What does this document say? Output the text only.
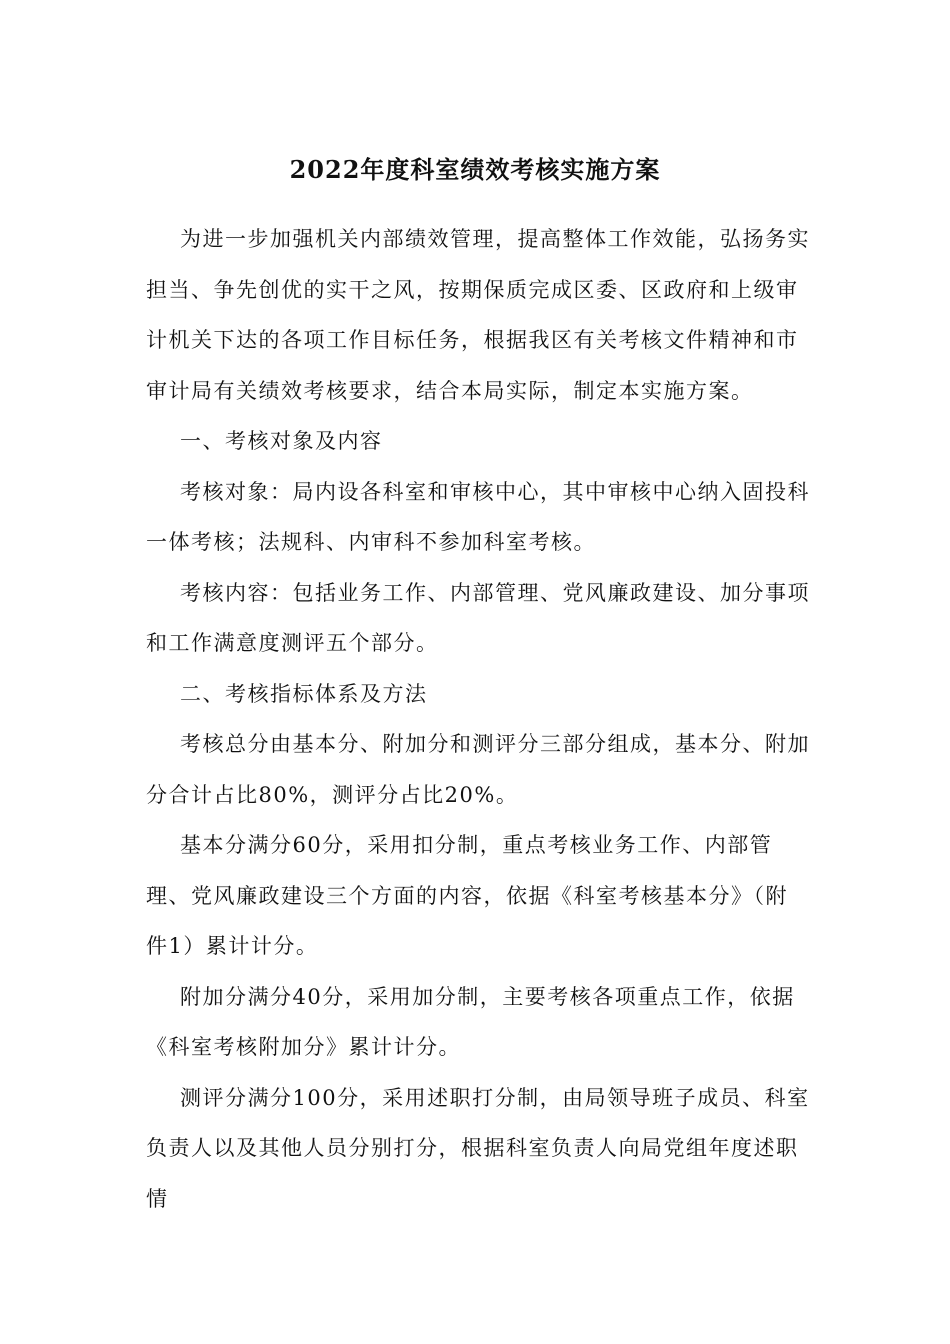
2022年度科室绩效考核实施方案

为进一步加强机关内部绩效管理，提高整体工作效能，弘扬务实担当、争先创优的实干之风，按期保质完成区委、区政府和上级审计机关下达的各项工作目标任务，根据我区有关考核文件精神和市审计局有关绩效考核要求，结合本局实际，制定本实施方案。

一、考核对象及内容

考核对象：局内设各科室和审核中心，其中审核中心纳入固投科一体考核；法规科、内审科不参加科室考核。

考核内容：包括业务工作、内部管理、党风廉政建设、加分事项和工作满意度测评五个部分。

二、考核指标体系及方法

考核总分由基本分、附加分和测评分三部分组成，基本分、附加分合计占比80%，测评分占比20%。

基本分满分60分，采用扣分制，重点考核业务工作、内部管理、党风廉政建设三个方面的内容，依据《科室考核基本分》（附件1）累计计分。

附加分满分40分，采用加分制，主要考核各项重点工作，依据《科室考核附加分》累计计分。

测评分满分100分，采用述职打分制，由局领导班子成员、科室负责人以及其他人员分别打分，根据科室负责人向局党组年度述职情
